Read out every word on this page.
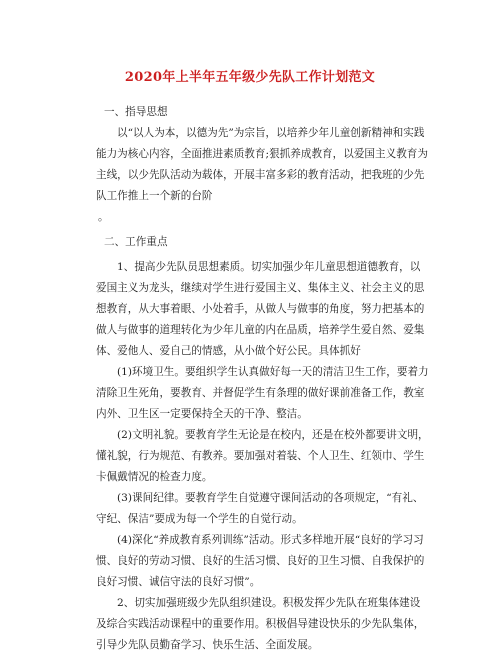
2020年上半年五年级少先队工作计划范文

一、指导思想

以“以人为本，以德为先”为宗旨，以培养少年儿童创新精神和实践能力为核心内容，全面推进素质教育;狠抓养成教育，以爱国主义教育为主线，以少先队活动为载体，开展丰富多彩的教育活动，把我班的少先队工作推上一个新的台阶

。

二、工作重点

1、提高少先队员思想素质。切实加强少年儿童思想道德教育，以爱国主义为龙头，继续对学生进行爱国主义、集体主义、社会主义的思想教育，从大事着眼、小处着手，从做人与做事的角度，努力把基本的做人与做事的道理转化为少年儿童的内在品质，培养学生爱自然、爱集体、爱他人、爱自己的情感，从小做个好公民。具体抓好

(1)环境卫生。要组织学生认真做好每一天的清洁卫生工作，要着力清除卫生死角，要教育、并督促学生有条理的做好课前准备工作，教室内外、卫生区一定要保持全天的干净、整洁。

(2)文明礼貌。要教育学生无论是在校内，还是在校外都要讲文明，懂礼貌，行为规范、有教养。要加强对着装、个人卫生、红领巾、学生卡佩戴情况的检查力度。

(3)课间纪律。要教育学生自觉遵守课间活动的各项规定，“有礼、守纪、保洁”要成为每一个学生的自觉行动。

(4)深化“养成教育系列训练”活动。形式多样地开展“良好的学习习惯、良好的劳动习惯、良好的生活习惯、良好的卫生习惯、自我保护的良好习惯、诚信守法的良好习惯”。

2、切实加强班级少先队组织建设。积极发挥少先队在班集体建设及综合实践活动课程中的重要作用。积极倡导建设快乐的少先队集体，引导少先队员勤奋学习、快乐生活、全面发展。
